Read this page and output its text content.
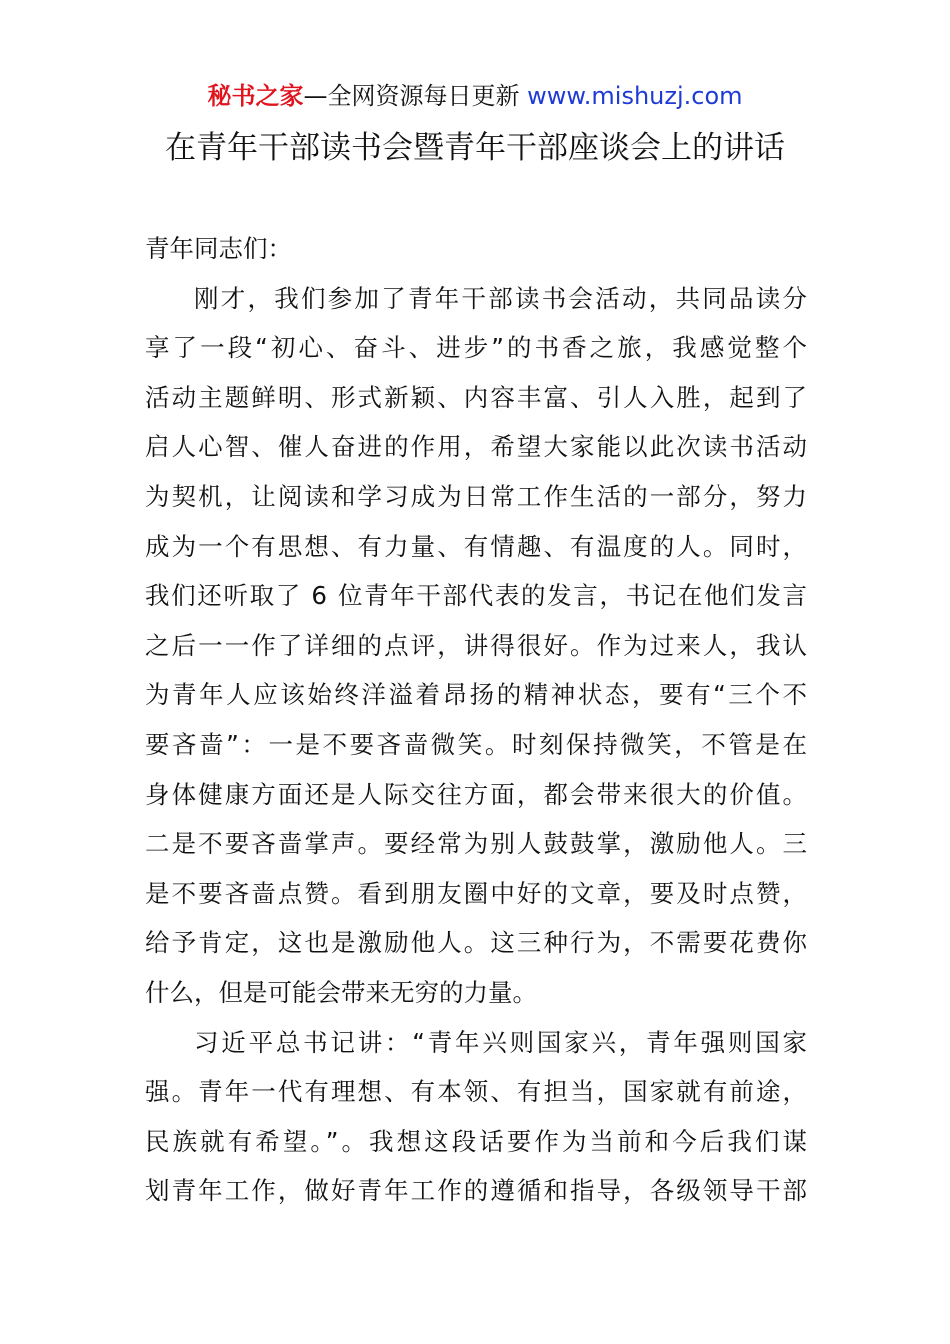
秘书之家—全网资源每日更新 www.mishuzj.com
在青年干部读书会暨青年干部座谈会上的讲话
青年同志们：
刚才，我们参加了青年干部读书会活动，共同品读分
享了一段“初心、奋斗、进步”的书香之旅，我感觉整个
活动主题鲜明、形式新颖、内容丰富、引人入胜，起到了
启人心智、催人奋进的作用，希望大家能以此次读书活动
为契机，让阅读和学习成为日常工作生活的一部分，努力
成为一个有思想、有力量、有情趣、有温度的人。同时，
我们还听取了 6 位青年干部代表的发言，书记在他们发言
之后一一作了详细的点评，讲得很好。作为过来人，我认
为青年人应该始终洋溢着昂扬的精神状态，要有“三个不
要吝啬”：一是不要吝啬微笑。时刻保持微笑，不管是在
身体健康方面还是人际交往方面，都会带来很大的价值。
二是不要吝啬掌声。要经常为别人鼓鼓掌，激励他人。三
是不要吝啬点赞。看到朋友圈中好的文章，要及时点赞，
给予肯定，这也是激励他人。这三种行为，不需要花费你
什么，但是可能会带来无穷的力量。
习近平总书记讲：“青年兴则国家兴，青年强则国家
强。青年一代有理想、有本领、有担当，国家就有前途，
民族就有希望。”。我想这段话要作为当前和今后我们谋
划青年工作，做好青年工作的遵循和指导，各级领导干部
